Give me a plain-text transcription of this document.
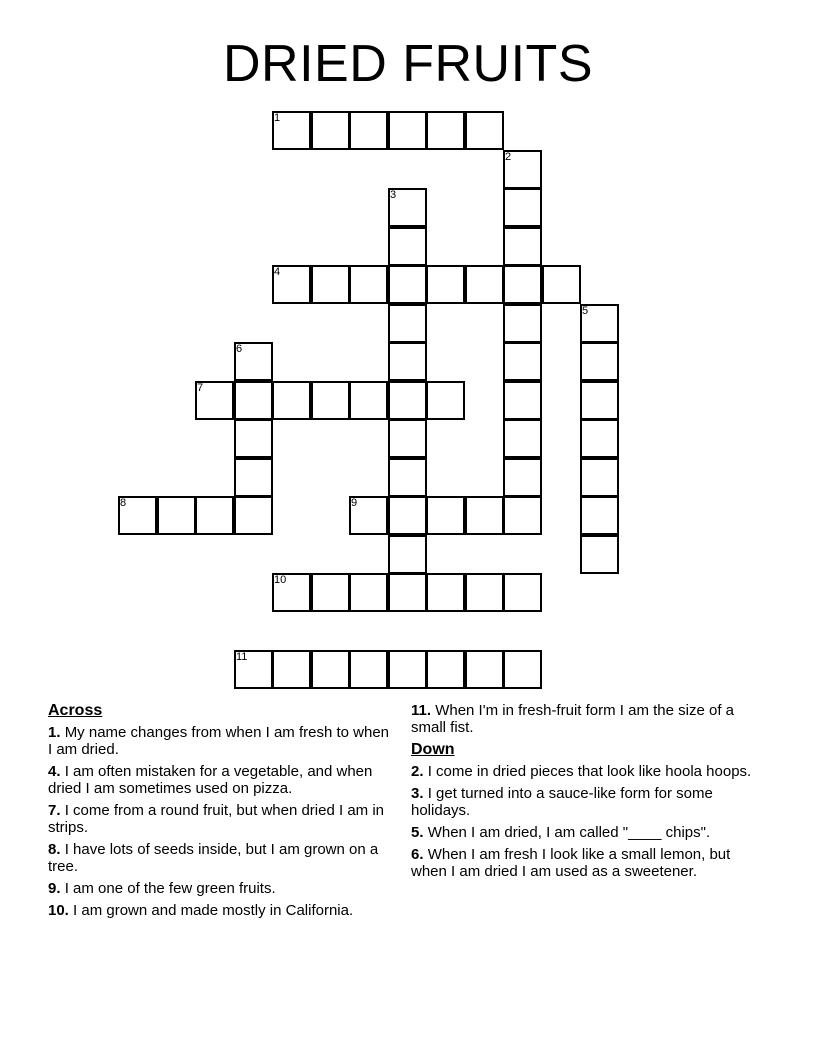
DRIED FRUITS
1
2
3
4
5
6
7
8	9
10
11
Across
1. My name changes from when I am fresh to when I am dried.
4. I am often mistaken for a vegetable, and when dried I am sometimes used on pizza.
7. I come from a round fruit, but when dried I am in strips.
8. I have lots of seeds inside, but I am grown on a tree.
9. I am one of the few green fruits.
10. I am grown and made mostly in California.
11. When I'm in fresh-fruit form I am the size of a small fist.
Down
2. I come in dried pieces that look like hoola hoops.
3. I get turned into a sauce-like form for some holidays.
5. When I am dried, I am called "____ chips".
6. When I am fresh I look like a small lemon, but when I am dried I am used as a sweetener.
